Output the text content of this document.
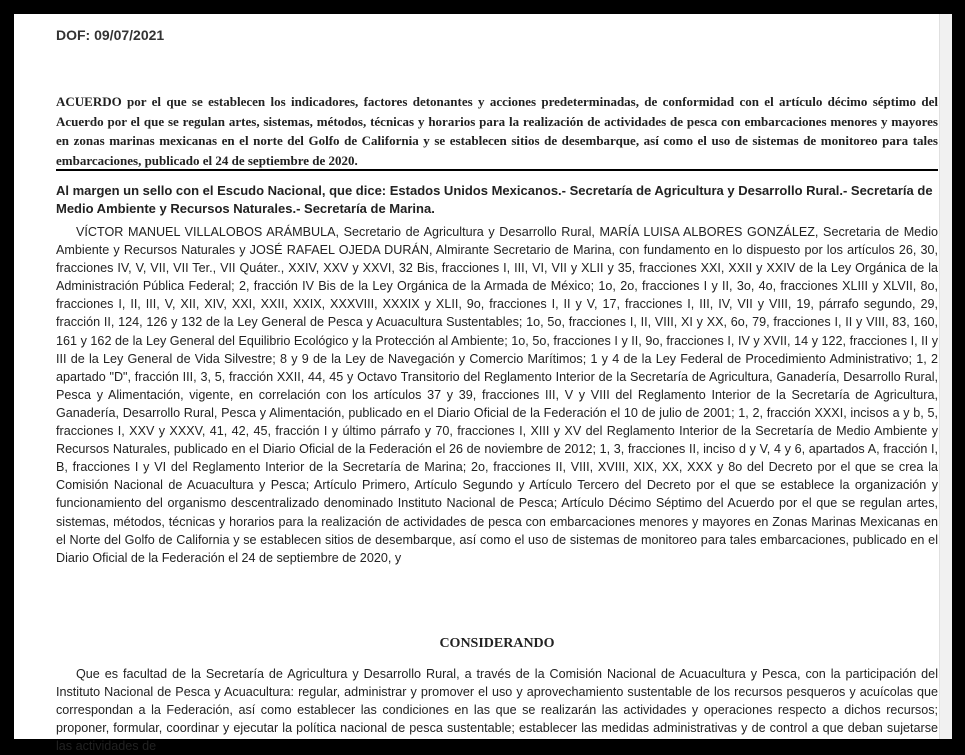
DOF: 09/07/2021

ACUERDO por el que se establecen los indicadores, factores detonantes y acciones predeterminadas, de conformidad con el artículo décimo séptimo del Acuerdo por el que se regulan artes, sistemas, métodos, técnicas y horarios para la realización de actividades de pesca con embarcaciones menores y mayores en zonas marinas mexicanas en el norte del Golfo de California y se establecen sitios de desembarque, así como el uso de sistemas de monitoreo para tales embarcaciones, publicado el 24 de septiembre de 2020.

Al margen un sello con el Escudo Nacional, que dice: Estados Unidos Mexicanos.- Secretaría de Agricultura y Desarrollo Rural.- Secretaría de Medio Ambiente y Recursos Naturales.- Secretaría de Marina.

VÍCTOR MANUEL VILLALOBOS ARÁMBULA, Secretario de Agricultura y Desarrollo Rural, MARÍA LUISA ALBORES GONZÁLEZ, Secretaria de Medio Ambiente y Recursos Naturales y JOSÉ RAFAEL OJEDA DURÁN, Almirante Secretario de Marina, con fundamento en lo dispuesto por los artículos 26, 30, fracciones IV, V, VII, VII Ter., VII Quáter., XXIV, XXV y XXVI, 32 Bis, fracciones I, III, VI, VII y XLII y 35, fracciones XXI, XXII y XXIV de la Ley Orgánica de la Administración Pública Federal; 2, fracción IV Bis de la Ley Orgánica de la Armada de México; 1o, 2o, fracciones I y II, 3o, 4o, fracciones XLIII y XLVII, 8o, fracciones I, II, III, V, XII, XIV, XXI, XXII, XXIX, XXXVIII, XXXIX y XLII, 9o, fracciones I, II y V, 17, fracciones I, III, IV, VII y VIII, 19, párrafo segundo, 29, fracción II, 124, 126 y 132 de la Ley General de Pesca y Acuacultura Sustentables; 1o, 5o, fracciones I, II, VIII, XI y XX, 6o, 79, fracciones I, II y VIII, 83, 160, 161 y 162 de la Ley General del Equilibrio Ecológico y la Protección al Ambiente; 1o, 5o, fracciones I y II, 9o, fracciones I, IV y XVII, 14 y 122, fracciones I, II y III de la Ley General de Vida Silvestre; 8 y 9 de la Ley de Navegación y Comercio Marítimos; 1 y 4 de la Ley Federal de Procedimiento Administrativo; 1, 2 apartado "D", fracción III, 3, 5, fracción XXII, 44, 45 y Octavo Transitorio del Reglamento Interior de la Secretaría de Agricultura, Ganadería, Desarrollo Rural, Pesca y Alimentación, vigente, en correlación con los artículos 37 y 39, fracciones III, V y VIII del Reglamento Interior de la Secretaría de Agricultura, Ganadería, Desarrollo Rural, Pesca y Alimentación, publicado en el Diario Oficial de la Federación el 10 de julio de 2001; 1, 2, fracción XXXI, incisos a y b, 5, fracciones I, XXV y XXXV, 41, 42, 45, fracción I y último párrafo y 70, fracciones I, XIII y XV del Reglamento Interior de la Secretaría de Medio Ambiente y Recursos Naturales, publicado en el Diario Oficial de la Federación el 26 de noviembre de 2012; 1, 3, fracciones II, inciso d y V, 4 y 6, apartados A, fracción I, B, fracciones I y VI del Reglamento Interior de la Secretaría de Marina; 2o, fracciones II, VIII, XVIII, XIX, XX, XXX y 8o del Decreto por el que se crea la Comisión Nacional de Acuacultura y Pesca; Artículo Primero, Artículo Segundo y Artículo Tercero del Decreto por el que se establece la organización y funcionamiento del organismo descentralizado denominado Instituto Nacional de Pesca; Artículo Décimo Séptimo del Acuerdo por el que se regulan artes, sistemas, métodos, técnicas y horarios para la realización de actividades de pesca con embarcaciones menores y mayores en Zonas Marinas Mexicanas en el Norte del Golfo de California y se establecen sitios de desembarque, así como el uso de sistemas de monitoreo para tales embarcaciones, publicado en el Diario Oficial de la Federación el 24 de septiembre de 2020, y

CONSIDERANDO

Que es facultad de la Secretaría de Agricultura y Desarrollo Rural, a través de la Comisión Nacional de Acuacultura y Pesca, con la participación del Instituto Nacional de Pesca y Acuacultura: regular, administrar y promover el uso y aprovechamiento sustentable de los recursos pesqueros y acuícolas que correspondan a la Federación, así como establecer las condiciones en las que se realizarán las actividades y operaciones respecto a dichos recursos; proponer, formular, coordinar y ejecutar la política nacional de pesca sustentable; establecer las medidas administrativas y de control a que deban sujetarse las actividades de
